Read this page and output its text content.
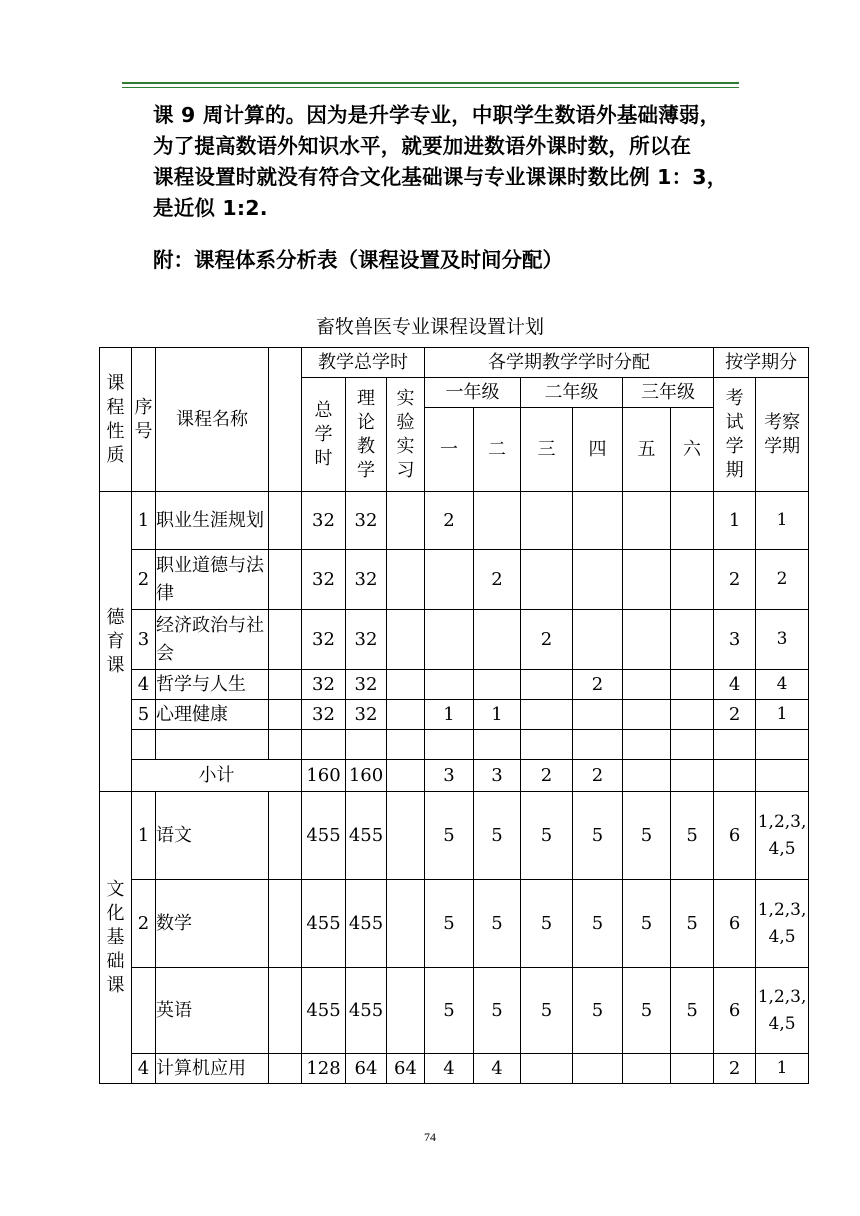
课 9 周计算的。因为是升学专业，中职学生数语外基础薄弱，
为了提高数语外知识水平，就要加进数语外课时数，所以在
课程设置时就没有符合文化基础课与专业课课时数比例 1：3，
是近似 1:2.
附：课程体系分析表（课程设置及时间分配）
畜牧兽医专业课程设置计划
课程性质	序号	课程名称		教学总学时			各学期教学学时分配						按学期分	

				总学时	理论教学	实验实习	一年级		二年级		三年级		考试学期	考察学期

							一	二	三	四	五	六		

德育课	1	职业生涯规划		32	32		2						1	1
	2	职业道德与法律		32	32			2					2	2
	3	经济政治与社会		32	32				2				3	3
	4	哲学与人生		32	32					2			4	4
	5	心理健康		32	32		1	1					2	1

	小计			160	160		3	3	2	2				

文化基础课	1	语文		455	455		5	5	5	5	5	5	6	1,2,3,4,5
	2	数学		455	455		5	5	5	5	5	5	6	1,2,3,4,5
		英语		455	455		5	5	5	5	5	5	6	1,2,3,4,5
	4	计算机应用		128	64	64	4	4					2	1
74
